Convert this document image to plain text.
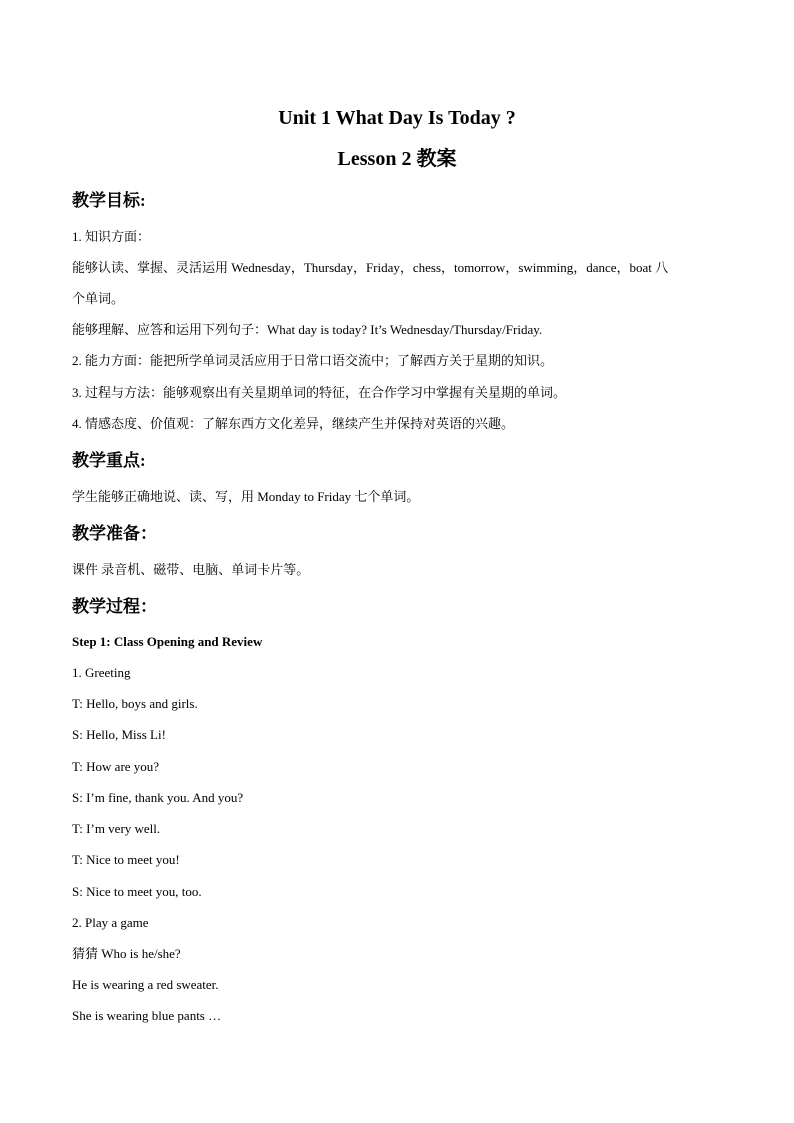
Unit 1 What Day Is Today ?
Lesson 2 教案
教学目标:
1. 知识方面：
能够认读、掌握、灵活运用 Wednesday，Thursday，Friday，chess，tomorrow，swimming，dance，boat 八
个单词。
能够理解、应答和运用下列句子：What day is today? It’s Wednesday/Thursday/Friday.
2. 能力方面：能把所学单词灵活应用于日常口语交流中；了解西方关于星期的知识。
3. 过程与方法：能够观察出有关星期单词的特征，在合作学习中掌握有关星期的单词。
4. 情感态度、价值观：了解东西方文化差异，继续产生并保持对英语的兴趣。
教学重点:
学生能够正确地说、读、写，用 Monday to Friday 七个单词。
教学准备：
课件 录音机、磁带、电脑、单词卡片等。
教学过程：
Step 1: Class Opening and Review
1. Greeting
T: Hello, boys and girls.
S: Hello, Miss Li!
T: How are you?
S: I’m fine, thank you. And you?
T: I’m very well.
T: Nice to meet you!
S: Nice to meet you, too.
2. Play a game
猜猜 Who is he/she?
He is wearing a red sweater.
She is wearing blue pants …
